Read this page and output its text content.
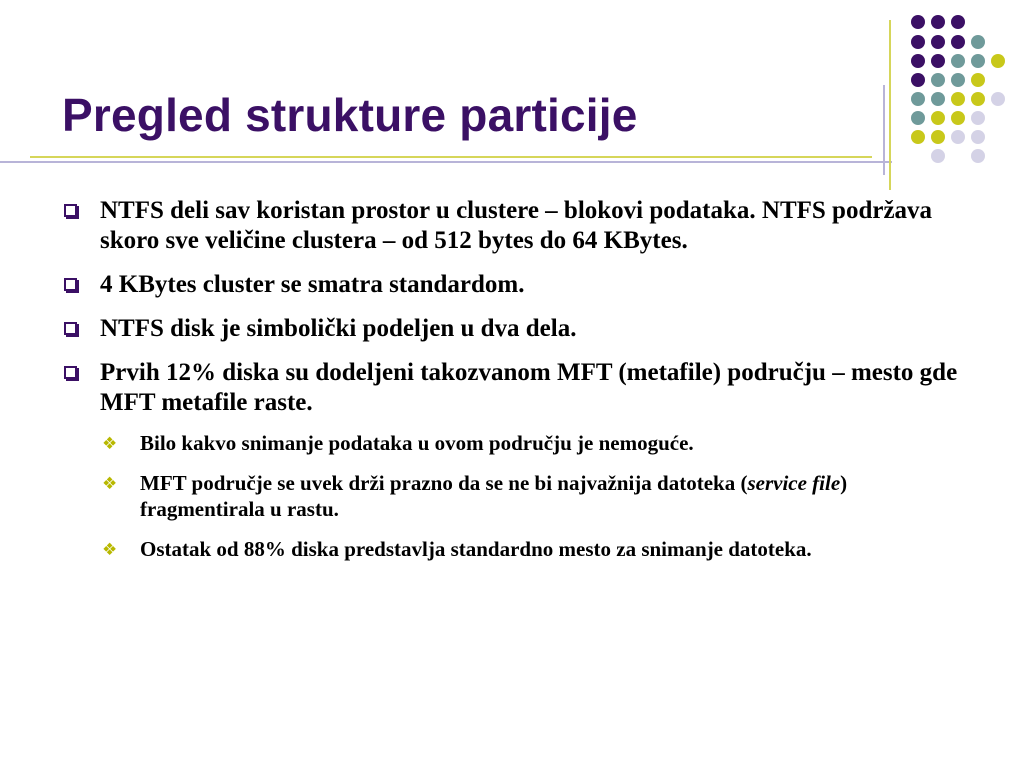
Pregled strukture particije
NTFS deli sav koristan prostor u clustere – blokovi podataka. NTFS podržava skoro sve veličine clustera – od 512 bytes do 64 KBytes.
4 KBytes cluster se smatra standardom.
NTFS disk je simbolički podeljen u dva dela.
Prvih 12% diska su dodeljeni takozvanom MFT (metafile) području – mesto gde MFT metafile raste.
❖ Bilo kakvo snimanje podataka u ovom području je nemoguće.
❖ MFT područje se uvek drži prazno da se ne bi najvažnija datoteka (service file) fragmentirala u rastu.
❖ Ostatak od 88% diska predstavlja standardno mesto za snimanje datoteka.
